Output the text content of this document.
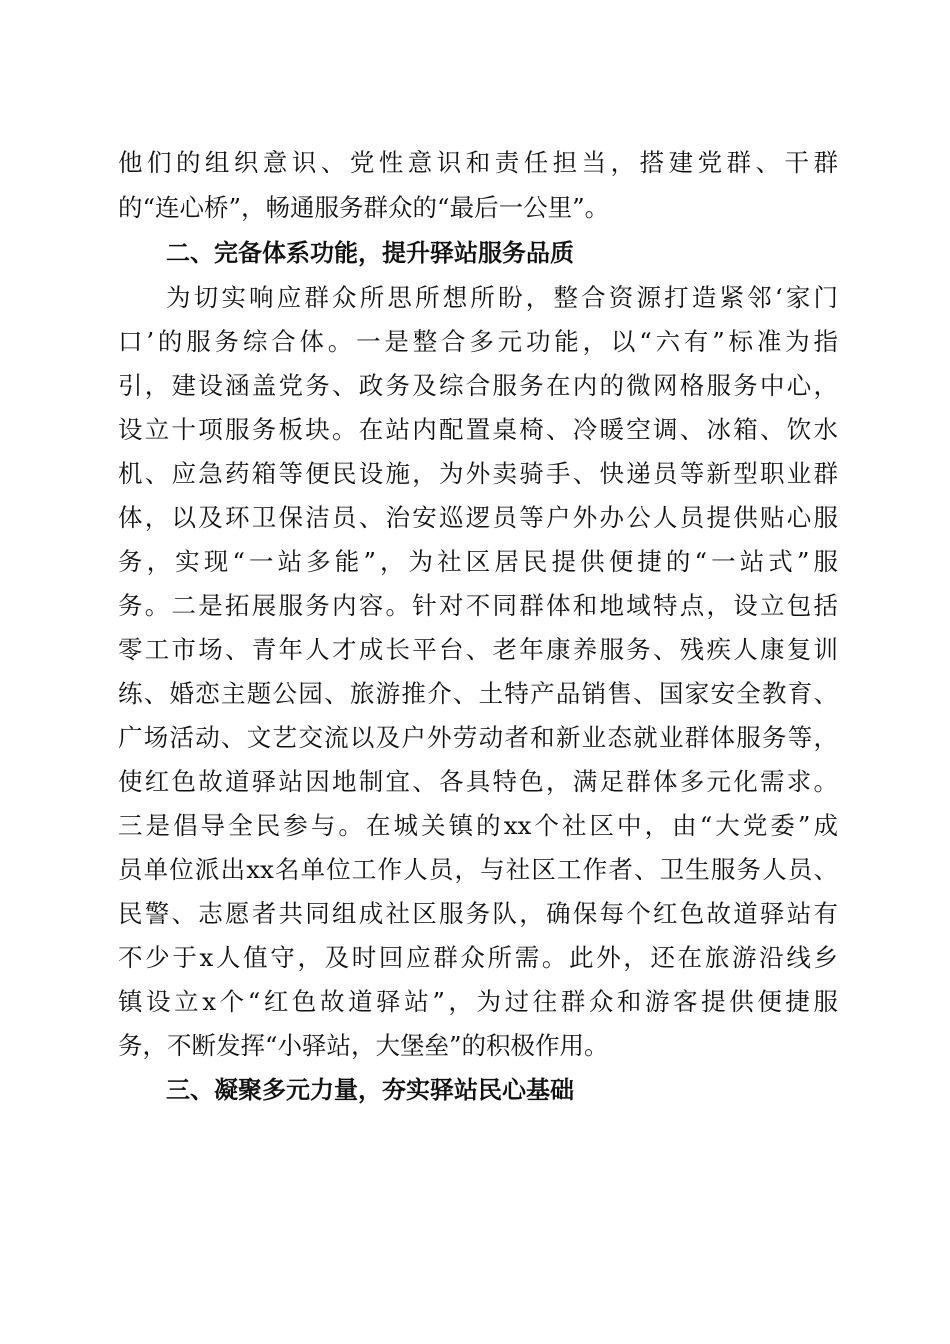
他们的组织意识、党性意识和责任担当，搭建党群、干群
的“连心桥”，畅通服务群众的“最后一公里”。
二、完备体系功能，提升驿站服务品质
为切实响应群众所思所想所盼，整合资源打造紧邻‘家门
口’的服务综合体。一是整合多元功能，以“六有”标准为指
引，建设涵盖党务、政务及综合服务在内的微网格服务中心，
设立十项服务板块。在站内配置桌椅、冷暖空调、冰箱、饮水
机、应急药箱等便民设施，为外卖骑手、快递员等新型职业群
体，以及环卫保洁员、治安巡逻员等户外办公人员提供贴心服
务，实现“一站多能”，为社区居民提供便捷的“一站式”服
务。二是拓展服务内容。针对不同群体和地域特点，设立包括
零工市场、青年人才成长平台、老年康养服务、残疾人康复训
练、婚恋主题公园、旅游推介、土特产品销售、国家安全教育、
广场活动、文艺交流以及户外劳动者和新业态就业群体服务等，
使红色故道驿站因地制宜、各具特色，满足群体多元化需求。
三是倡导全民参与。在城关镇的xx个社区中，由“大党委”成
员单位派出xx名单位工作人员，与社区工作者、卫生服务人员、
民警、志愿者共同组成社区服务队，确保每个红色故道驿站有
不少于x人值守，及时回应群众所需。此外，还在旅游沿线乡
镇设立x个“红色故道驿站”，为过往群众和游客提供便捷服
务，不断发挥“小驿站，大堡垒”的积极作用。
三、凝聚多元力量，夯实驿站民心基础
